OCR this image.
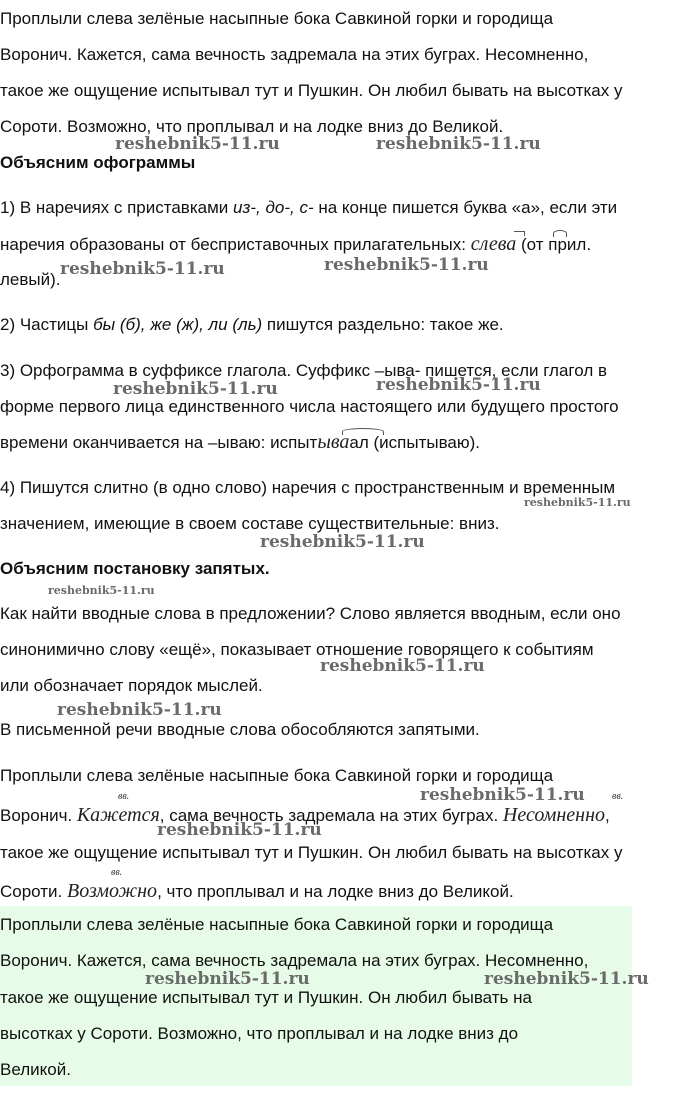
Проплыли слева зелёные насыпные бока Савкиной горки и городища
Воронич. Кажется, сама вечность задремала на этих буграх. Несомненно,
такое же ощущение испытывал тут и Пушкин. Он любил бывать на высотках у
Сороти. Возможно, что проплывал и на лодке вниз до Великой.
Объясним офограммы
1) В наречиях с приставками из-, до-, с- на конце пишется буква «а», если эти
наречия образованы от бесприставочных прилагательных: слева (от прил.
левый).
2) Частицы бы (б), же (ж), ли (ль) пишутся раздельно: такое же.
3) Орфограмма в суффиксе глагола. Суффикс –ыва- пишется, если глагол в
форме первого лица единственного числа настоящего или будущего простого
времени оканчивается на –ываю: испытываал (испытываю).
4) Пишутся слитно (в одно слово) наречия с пространственным и временным
значением, имеющие в своем составе существительные: вниз.
Объясним постановку запятых.
Как найти вводные слова в предложении? Слово является вводным, если оно
синонимично слову «ещё», показывает отношение говорящего к событиям
или обозначает порядок мыслей.
В письменной речи вводные слова обособляются запятыми.
Проплыли слева зелёные насыпные бока Савкиной горки и городища
Воронич. Кажется, сама вечность задремала на этих буграх. Несомненно,
такое же ощущение испытывал тут и Пушкин. Он любил бывать на высотках у
Сороти. Возможно, что проплывал и на лодке вниз до Великой.
вв.	вв.
вв.
Проплыли слева зелёные насыпные бока Савкиной горки и городища
Воронич. Кажется, сама вечность задремала на этих буграх. Несомненно,
такое же ощущение испытывал тут и Пушкин. Он любил бывать на
высотках у Сороти. Возможно, что проплывал и на лодке вниз до
Великой.
reshebnik5-11.ru	reshebnik5-11.ru
reshebnik5-11.ru	reshebnik5-11.ru
reshebnik5-11.ru	reshebnik5-11.ru
reshebnik5-11.ru
reshebnik5-11.ru
reshebnik5-11.ru
reshebnik5-11.ru
reshebnik5-11.ru
reshebnik5-11.ru
reshebnik5-11.ru
reshebnik5-11.ru	reshebnik5-11.ru
